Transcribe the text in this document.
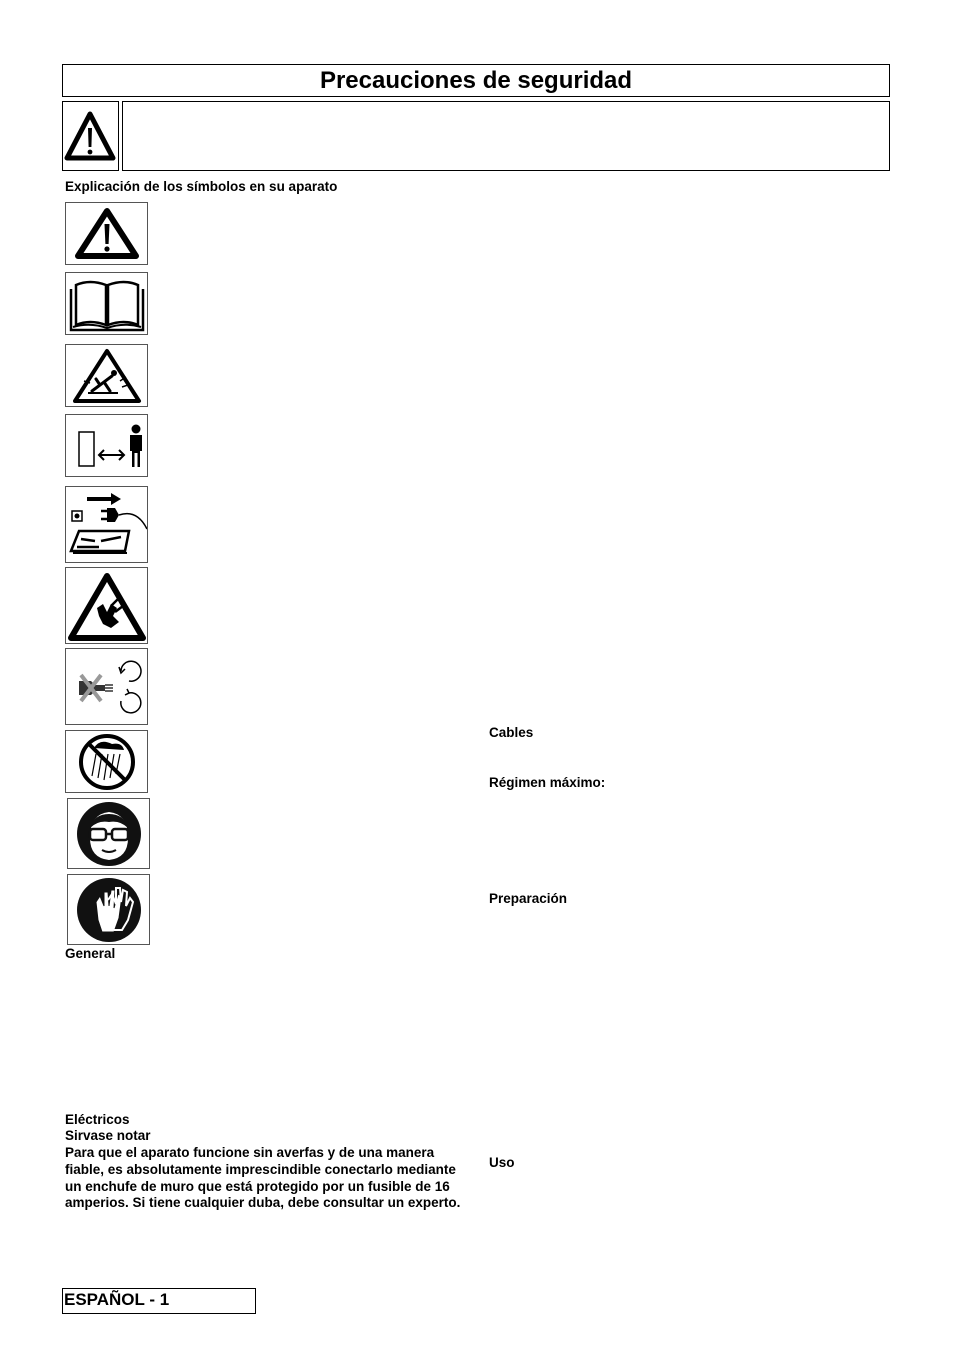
Precauciones de seguridad

Explicación de los símbolos en su aparato

General

Eléctricos

Sirvase notar

Para que el aparato funcione sin averfas y de una manera fiable, es absolutamente imprescindible conectarlo mediante un enchufe de muro que está protegido por un fusible de 16 amperios. Si tiene cualquier duba, debe consultar un experto.

Cables

Régimen máximo:

Preparación

Uso

ESPAÑOL - 1
